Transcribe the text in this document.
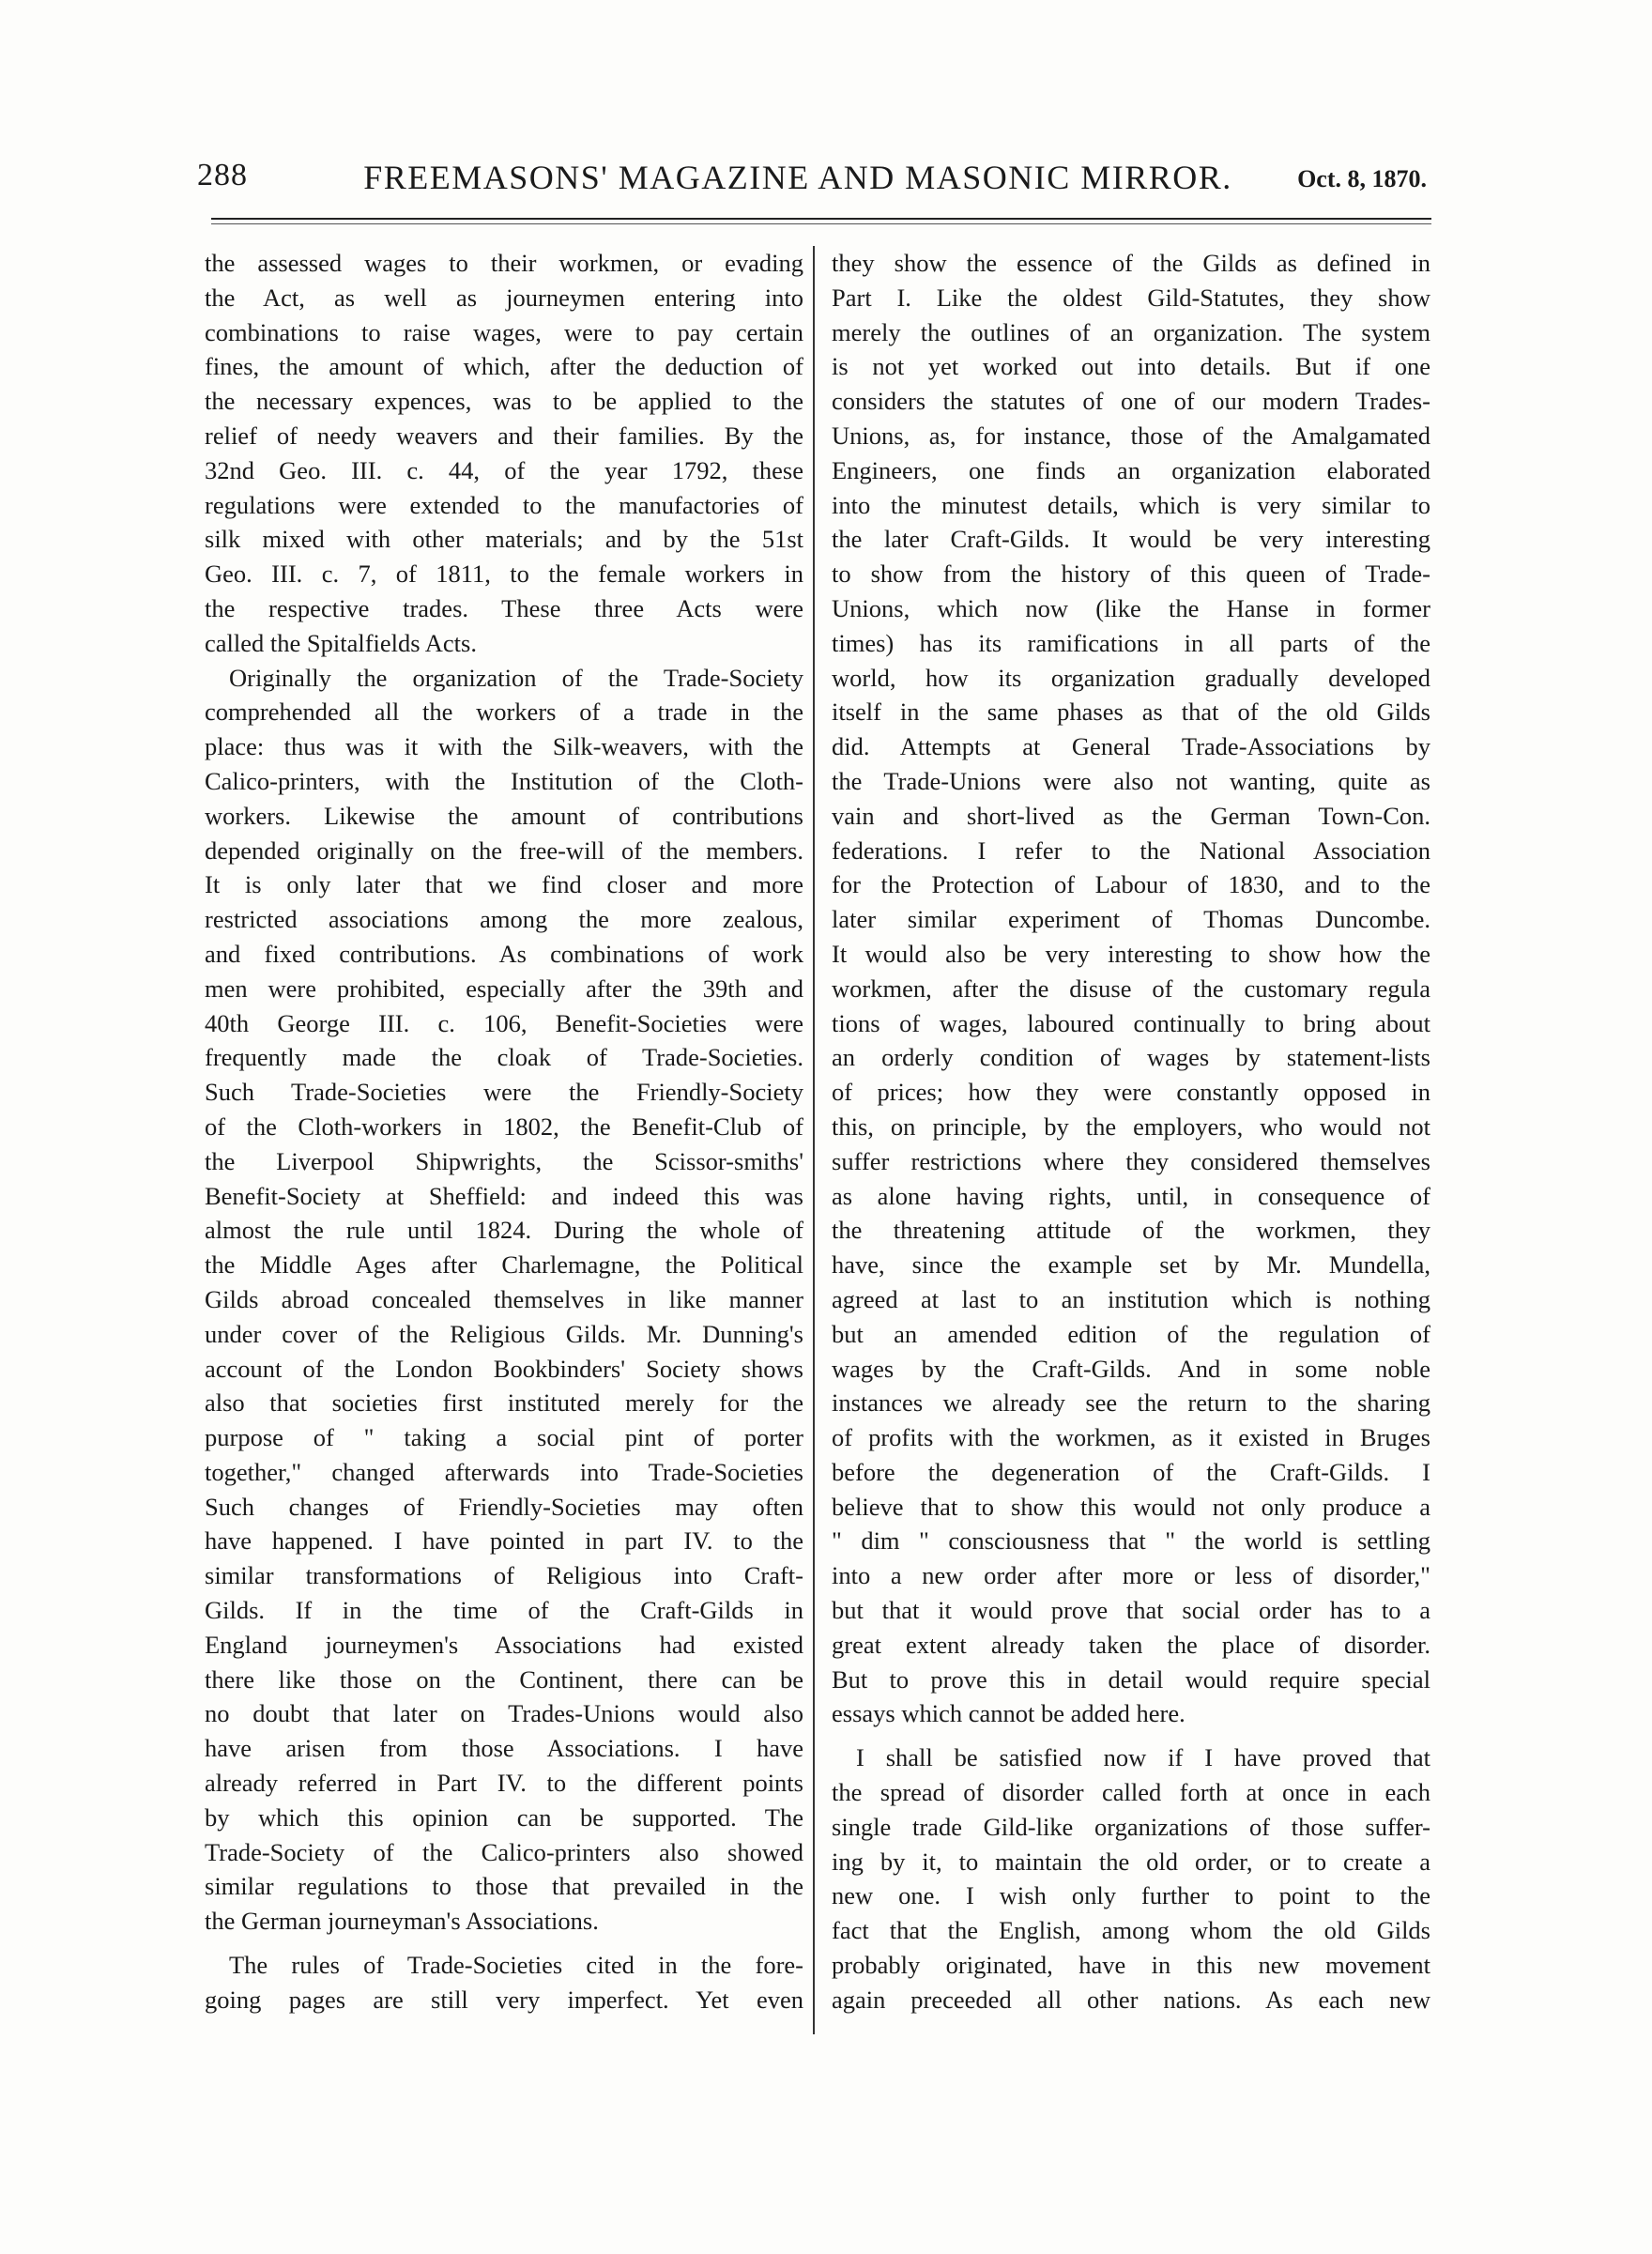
288	FREEMASONS' MAGAZINE AND MASONIC MIRROR.	Oct. 8, 1870.
the assessed wages to their workmen, or evading
the Act, as well as journeymen entering into
combinations to raise wages, were to pay certain
fines, the amount of which, after the deduction of
the necessary expences, was to be applied to the
relief of needy weavers and their families. By the
32nd Geo. III. c. 44, of the year 1792, these
regulations were extended to the manufactories of
silk mixed with other materials; and by the 51st
Geo. III. c. 7, of 1811, to the female workers in
the respective trades. These three Acts were
called the Spitalfields Acts.
Originally the organization of the Trade-Society
comprehended all the workers of a trade in the
place: thus was it with the Silk-weavers, with the
Calico-printers, with the Institution of the Cloth-
workers. Likewise the amount of contributions
depended originally on the free-will of the members.
It is only later that we find closer and more
restricted associations among the more zealous,
and fixed contributions. As combinations of work
men were prohibited, especially after the 39th and
40th George III. c. 106, Benefit-Societies were
frequently made the cloak of Trade-Societies.
Such Trade-Societies were the Friendly-Society
of the Cloth-workers in 1802, the Benefit-Club of
the Liverpool Shipwrights, the Scissor-smiths'
Benefit-Society at Sheffield: and indeed this was
almost the rule until 1824. During the whole of
the Middle Ages after Charlemagne, the Political
Gilds abroad concealed themselves in like manner
under cover of the Religious Gilds. Mr. Dunning's
account of the London Bookbinders' Society shows
also that societies first instituted merely for the
purpose of " taking a social pint of porter
together," changed afterwards into Trade-Societies
Such changes of Friendly-Societies may often
have happened. I have pointed in part IV. to the
similar transformations of Religious into Craft-
Gilds. If in the time of the Craft-Gilds in
England journeymen's Associations had existed
there like those on the Continent, there can be
no doubt that later on Trades-Unions would also
have arisen from those Associations. I have
already referred in Part IV. to the different points
by which this opinion can be supported. The
Trade-Society of the Calico-printers also showed
similar regulations to those that prevailed in the
the German journeyman's Associations.
The rules of Trade-Societies cited in the fore-
going pages are still very imperfect. Yet even
they show the essence of the Gilds as defined in
Part I. Like the oldest Gild-Statutes, they show
merely the outlines of an organization. The system
is not yet worked out into details. But if one
considers the statutes of one of our modern Trades-
Unions, as, for instance, those of the Amalgamated
Engineers, one finds an organization elaborated
into the minutest details, which is very similar to
the later Craft-Gilds. It would be very interesting
to show from the history of this queen of Trade-
Unions, which now (like the Hanse in former
times) has its ramifications in all parts of the
world, how its organization gradually developed
itself in the same phases as that of the old Gilds
did. Attempts at General Trade-Associations by
the Trade-Unions were also not wanting, quite as
vain and short-lived as the German Town-Con.
federations. I refer to the National Association
for the Protection of Labour of 1830, and to the
later similar experiment of Thomas Duncombe.
It would also be very interesting to show how the
workmen, after the disuse of the customary regula
tions of wages, laboured continually to bring about
an orderly condition of wages by statement-lists
of prices; how they were constantly opposed in
this, on principle, by the employers, who would not
suffer restrictions where they considered themselves
as alone having rights, until, in consequence of
the threatening attitude of the workmen, they
have, since the example set by Mr. Mundella,
agreed at last to an institution which is nothing
but an amended edition of the regulation of
wages by the Craft-Gilds. And in some noble
instances we already see the return to the sharing
of profits with the workmen, as it existed in Bruges
before the degeneration of the Craft-Gilds. I
believe that to show this would not only produce a
" dim " consciousness that " the world is settling
into a new order after more or less of disorder,"
but that it would prove that social order has to a
great extent already taken the place of disorder.
But to prove this in detail would require special
essays which cannot be added here.
I shall be satisfied now if I have proved that
the spread of disorder called forth at once in each
single trade Gild-like organizations of those suffer-
ing by it, to maintain the old order, or to create a
new one. I wish only further to point to the
fact that the English, among whom the old Gilds
probably originated, have in this new movement
again preceeded all other nations. As each new
